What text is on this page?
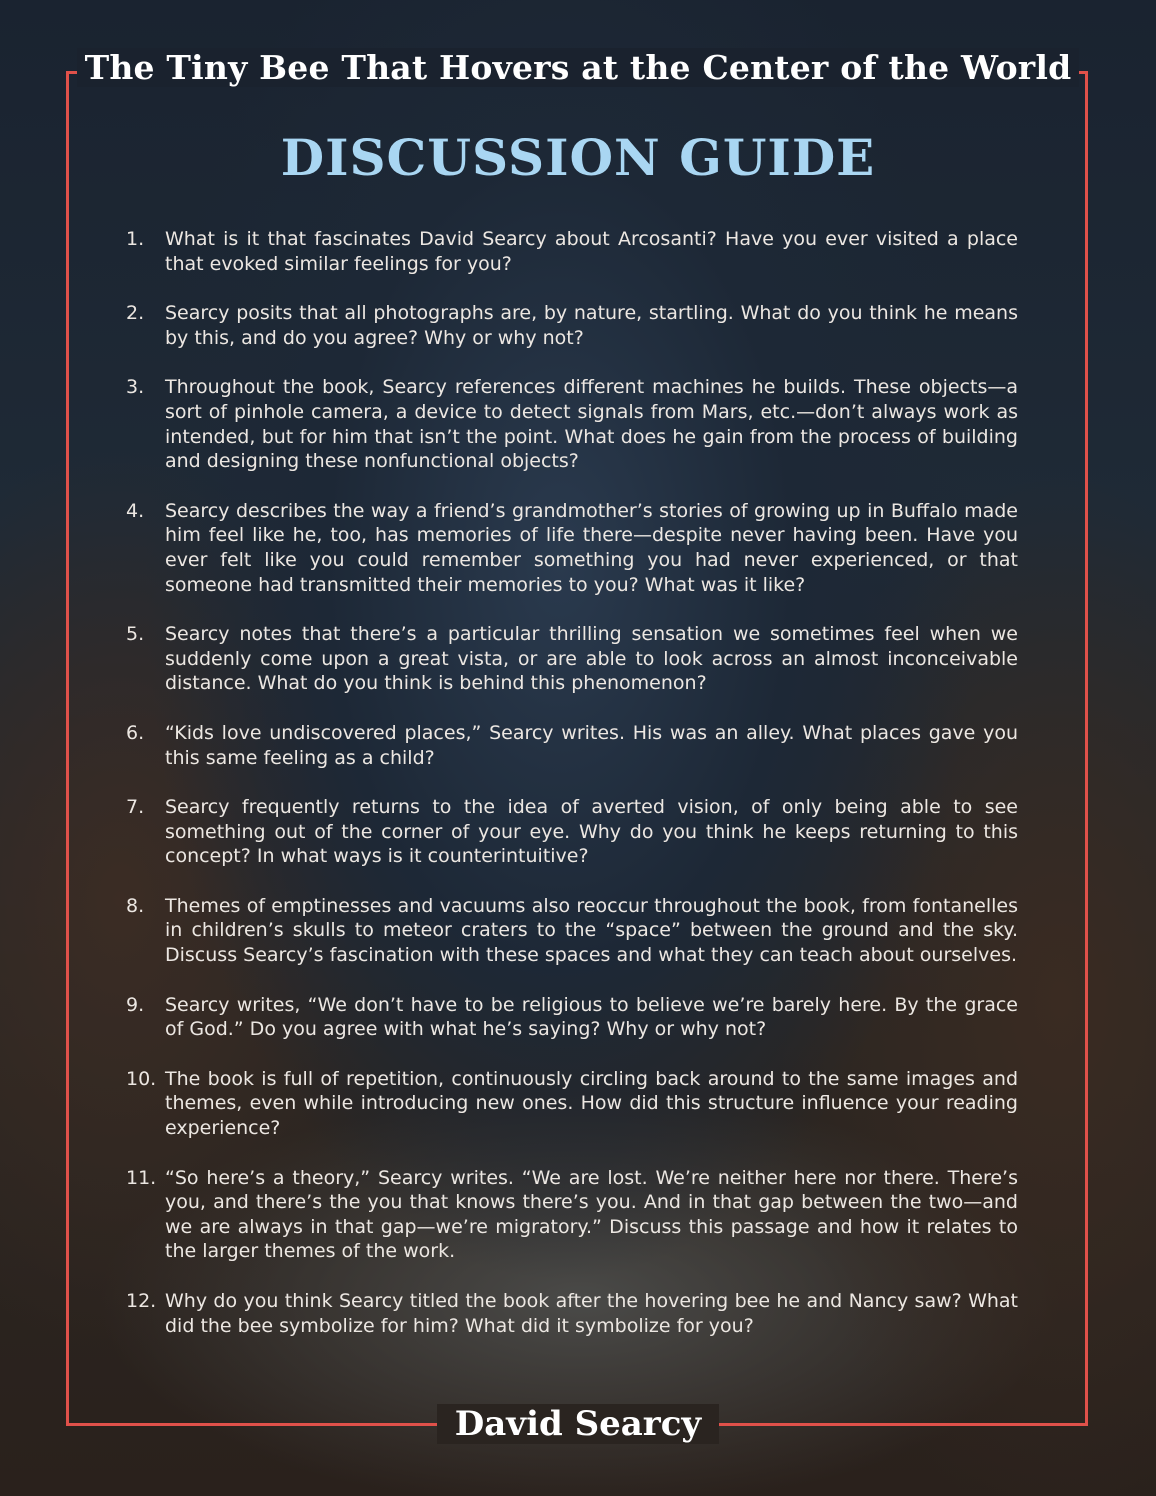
The Tiny Bee That Hovers at the Center of the World
DISCUSSION GUIDE
1.	What is it that fascinates David Searcy about Arcosanti? Have you ever visited a place that evoked similar feelings for you?
2.	Searcy posits that all photographs are, by nature, startling. What do you think he means by this, and do you agree? Why or why not?
3.	Throughout the book, Searcy references different machines he builds. These objects—a sort of pinhole camera, a device to detect signals from Mars, etc.—don’t always work as intended, but for him that isn’t the point. What does he gain from the process of building and designing these nonfunctional objects?
4.	Searcy describes the way a friend’s grandmother’s stories of growing up in Buffalo made him feel like he, too, has memories of life there—despite never having been. Have you ever felt like you could remember something you had never experienced, or that someone had transmitted their memories to you? What was it like?
5.	Searcy notes that there’s a particular thrilling sensation we sometimes feel when we suddenly come upon a great vista, or are able to look across an almost inconceivable distance. What do you think is behind this phenomenon?
6.	“Kids love undiscovered places,” Searcy writes. His was an alley. What places gave you this same feeling as a child?
7.	Searcy frequently returns to the idea of averted vision, of only being able to see something out of the corner of your eye. Why do you think he keeps returning to this concept? In what ways is it counterintuitive?
8.	Themes of emptinesses and vacuums also reoccur throughout the book, from fontanelles in children’s skulls to meteor craters to the “space” between the ground and the sky. Discuss Searcy’s fascination with these spaces and what they can teach about ourselves.
9.	Searcy writes, “We don’t have to be religious to believe we’re barely here. By the grace of God.” Do you agree with what he’s saying? Why or why not?
10. The book is full of repetition, continuously circling back around to the same images and themes, even while introducing new ones. How did this structure influence your reading experience?
11. “So here’s a theory,” Searcy writes. “We are lost. We’re neither here nor there. There’s you, and there’s the you that knows there’s you. And in that gap between the two—and we are always in that gap—we’re migratory.” Discuss this passage and how it relates to the larger themes of the work.
12. Why do you think Searcy titled the book after the hovering bee he and Nancy saw? What did the bee symbolize for him? What did it symbolize for you?
David Searcy
